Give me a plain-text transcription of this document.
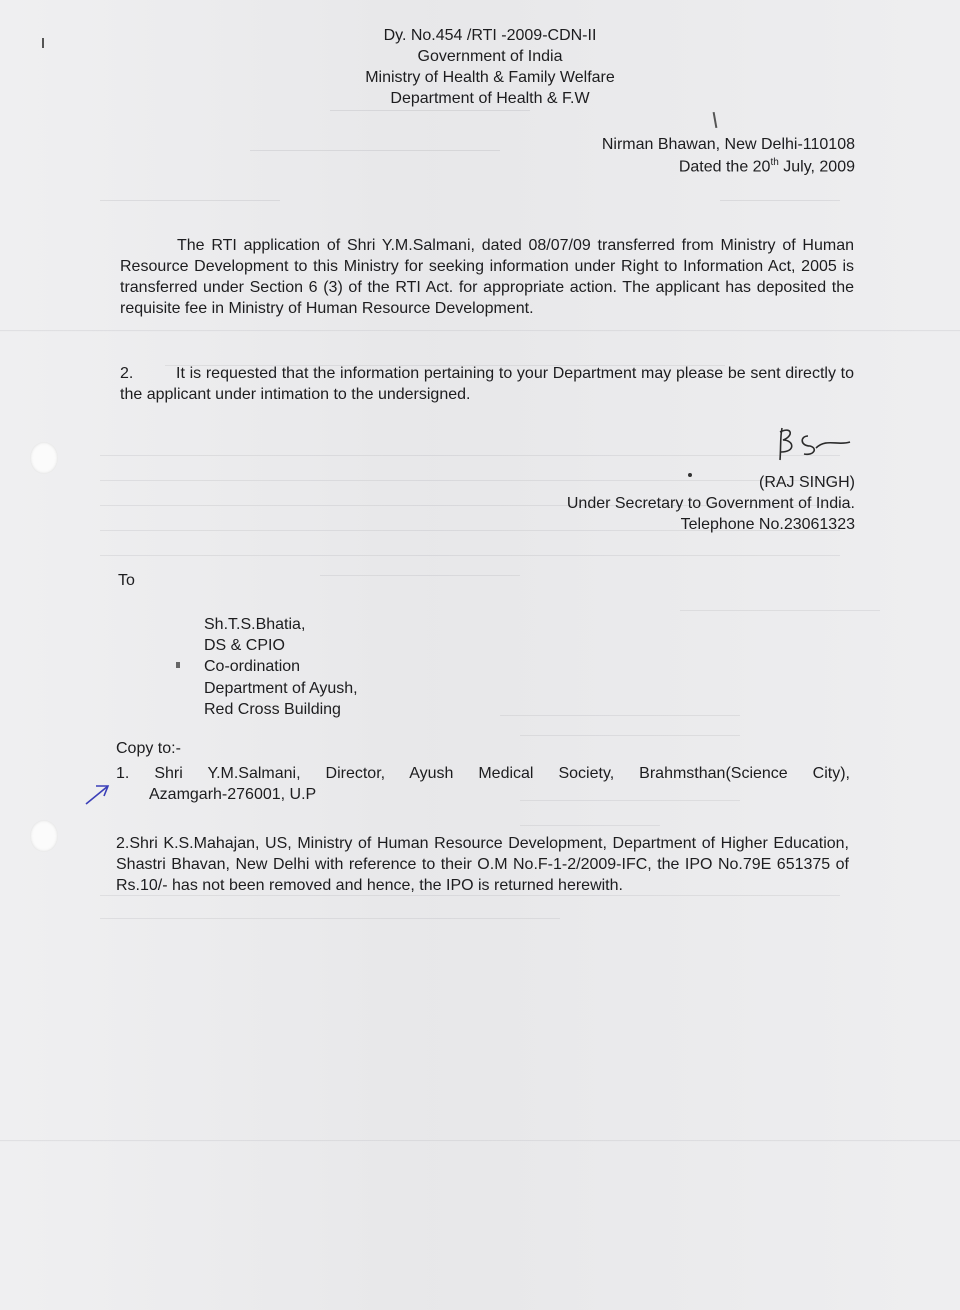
Dy. No.454 /RTI -2009-CDN-II
Government of India
Ministry of Health & Family Welfare
Department of Health & F.W
Nirman Bhawan, New Delhi-110108
Dated the 20th July, 2009
The RTI application of Shri Y.M.Salmani, dated 08/07/09 transferred from Ministry of Human Resource Development to this Ministry for seeking information under Right to Information Act, 2005 is transferred under Section 6 (3) of the RTI Act. for appropriate action. The applicant has deposited the requisite fee in Ministry of Human Resource Development.
2.	It is requested that the information pertaining to your Department may please be sent directly to the applicant under intimation to the undersigned.
(RAJ SINGH)
Under Secretary to Government of India.
Telephone No.23061323
To
Sh.T.S.Bhatia,
DS & CPIO
Co-ordination
Department of Ayush,
Red Cross Building
Copy to:-
1. Shri Y.M.Salmani, Director, Ayush Medical Society, Brahmsthan(Science City),
Azamgarh-276001, U.P
2.Shri K.S.Mahajan, US, Ministry of Human Resource Development, Department of Higher Education, Shastri Bhavan, New Delhi with reference to their O.M No.F-1-2/2009-IFC, the IPO No.79E 651375 of Rs.10/- has not been removed and hence, the IPO is returned herewith.
